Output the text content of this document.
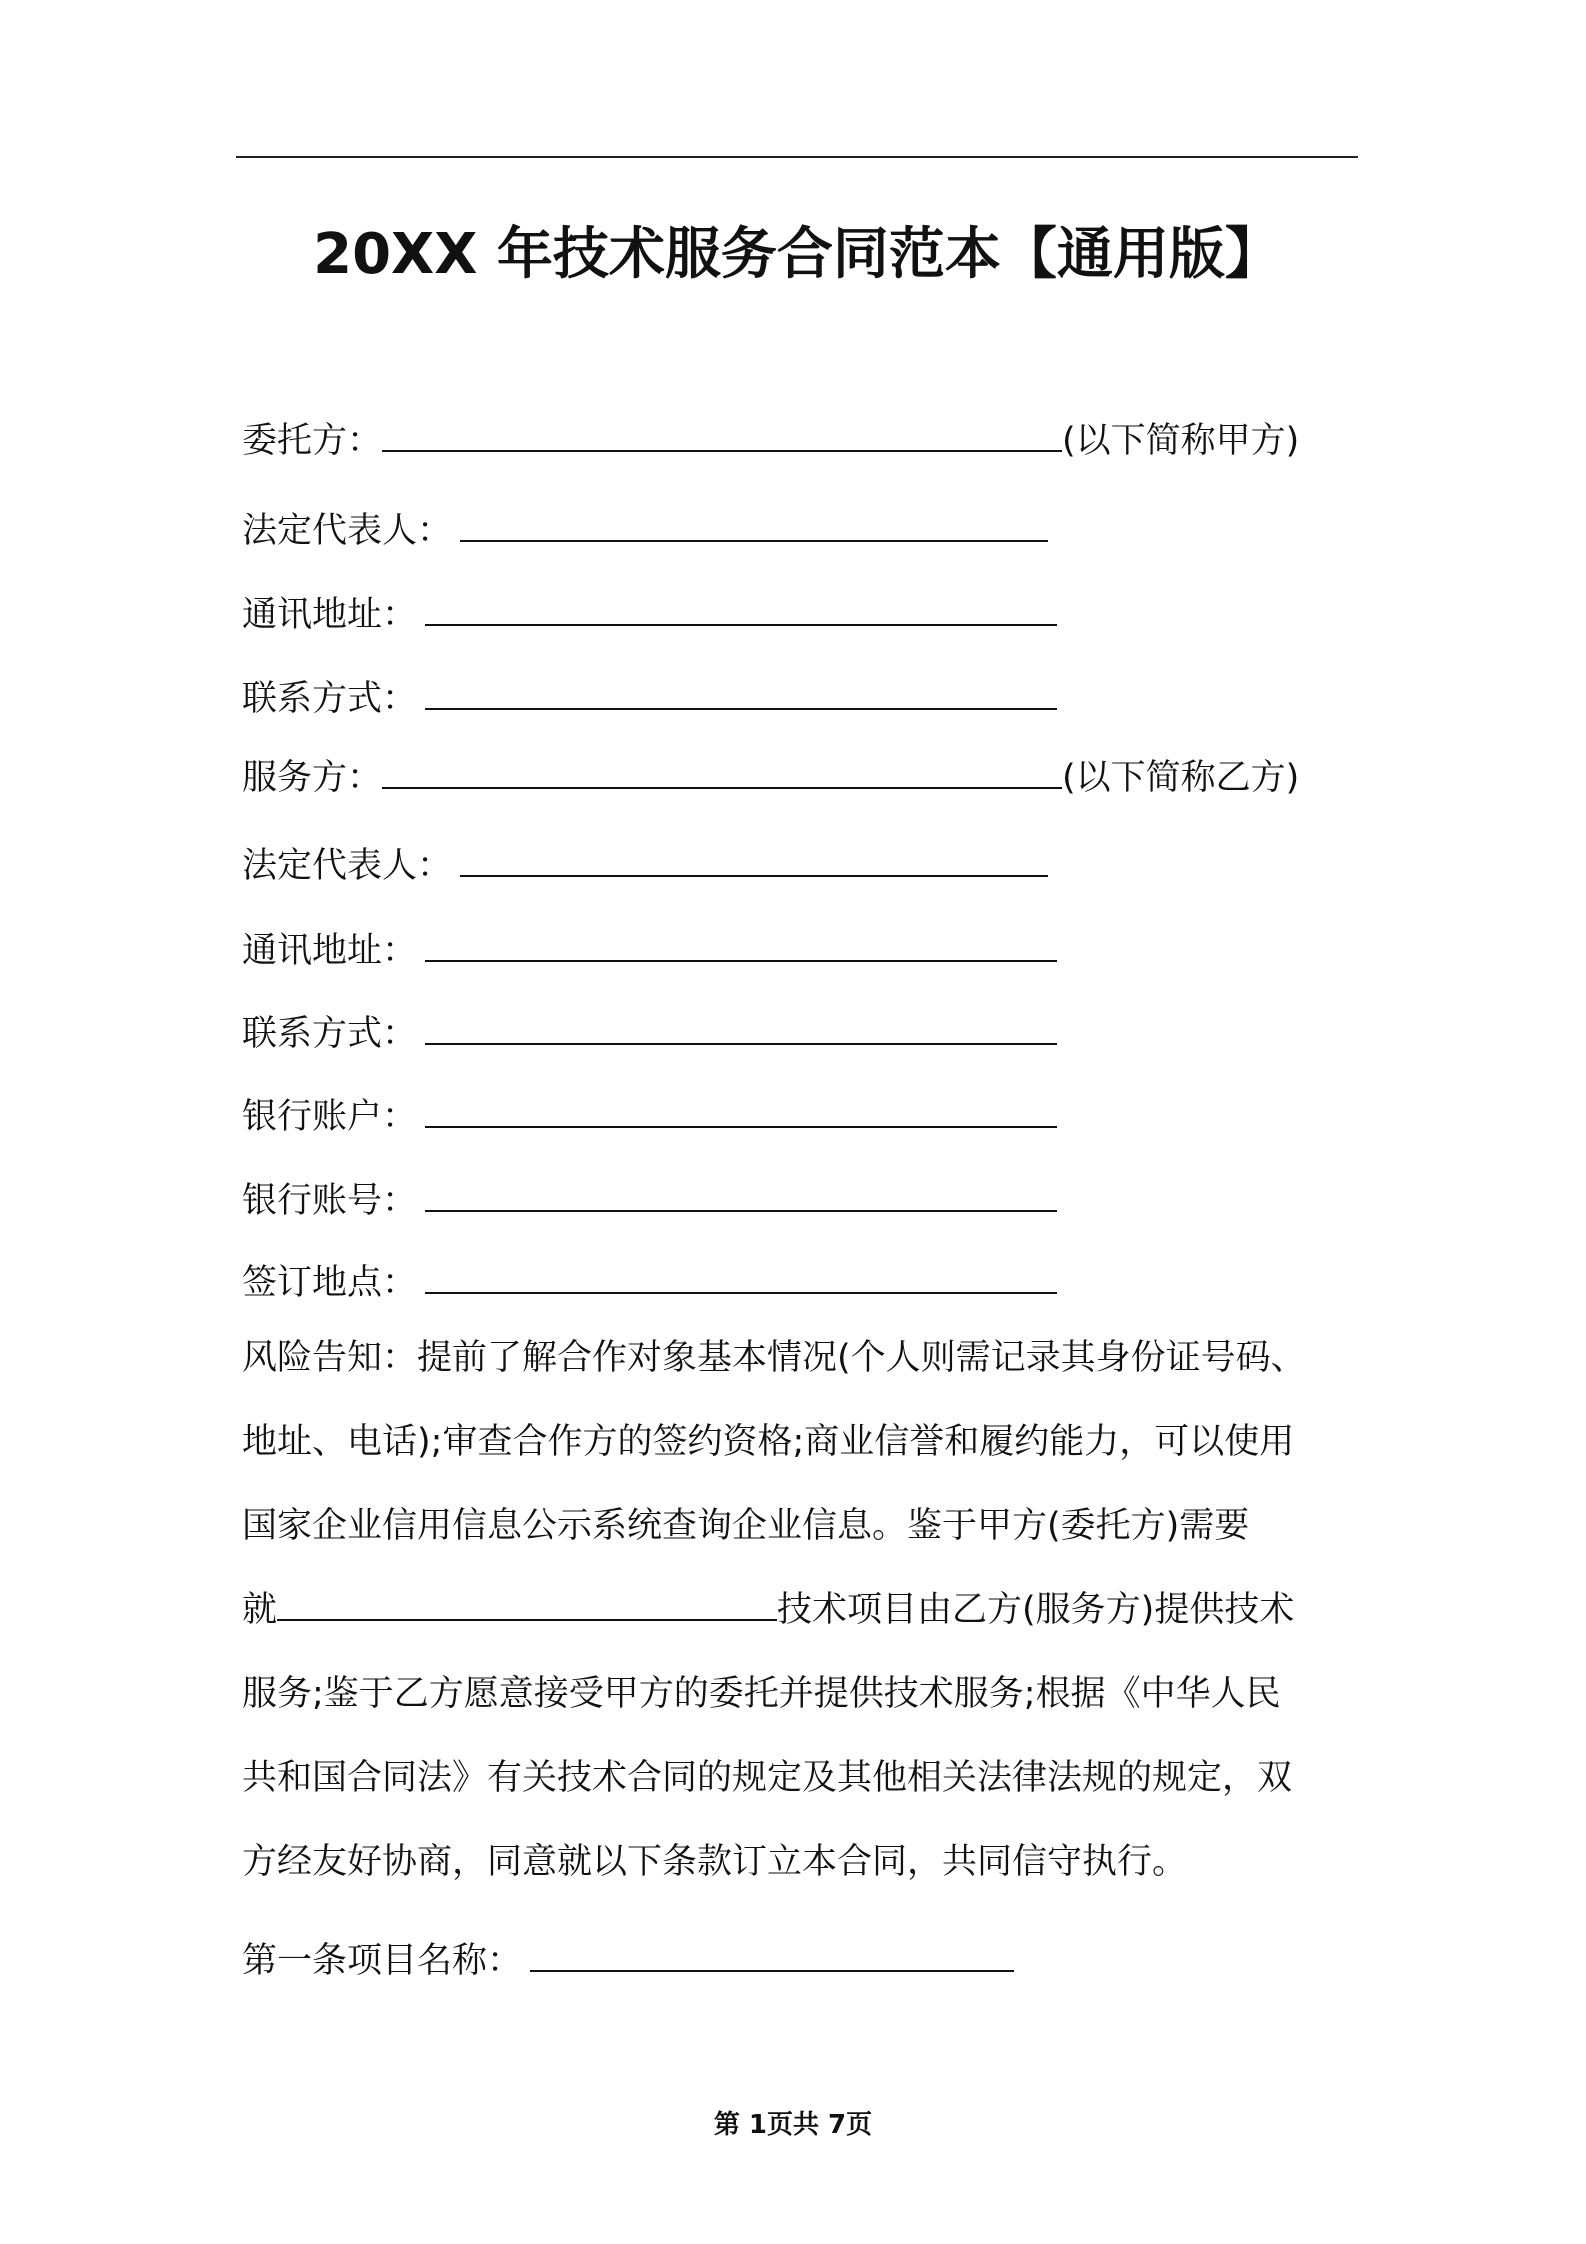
20XX 年技术服务合同范本【通用版】
委托方：	(以下简称甲方)
法定代表人：
通讯地址：
联系方式：
服务方：	(以下简称乙方)
法定代表人：
通讯地址：
联系方式：
银行账户：
银行账号：
签订地点：
风险告知：提前了解合作对象基本情况(个人则需记录其身份证号码、
地址、电话);审查合作方的签约资格;商业信誉和履约能力，可以使用
国家企业信用信息公示系统查询企业信息。鉴于甲方(委托方)需要
就	技术项目由乙方(服务方)提供技术
服务;鉴于乙方愿意接受甲方的委托并提供技术服务;根据《中华人民
共和国合同法》有关技术合同的规定及其他相关法律法规的规定，双
方经友好协商，同意就以下条款订立本合同，共同信守执行。
第一条项目名称：
第 1页共 7页
